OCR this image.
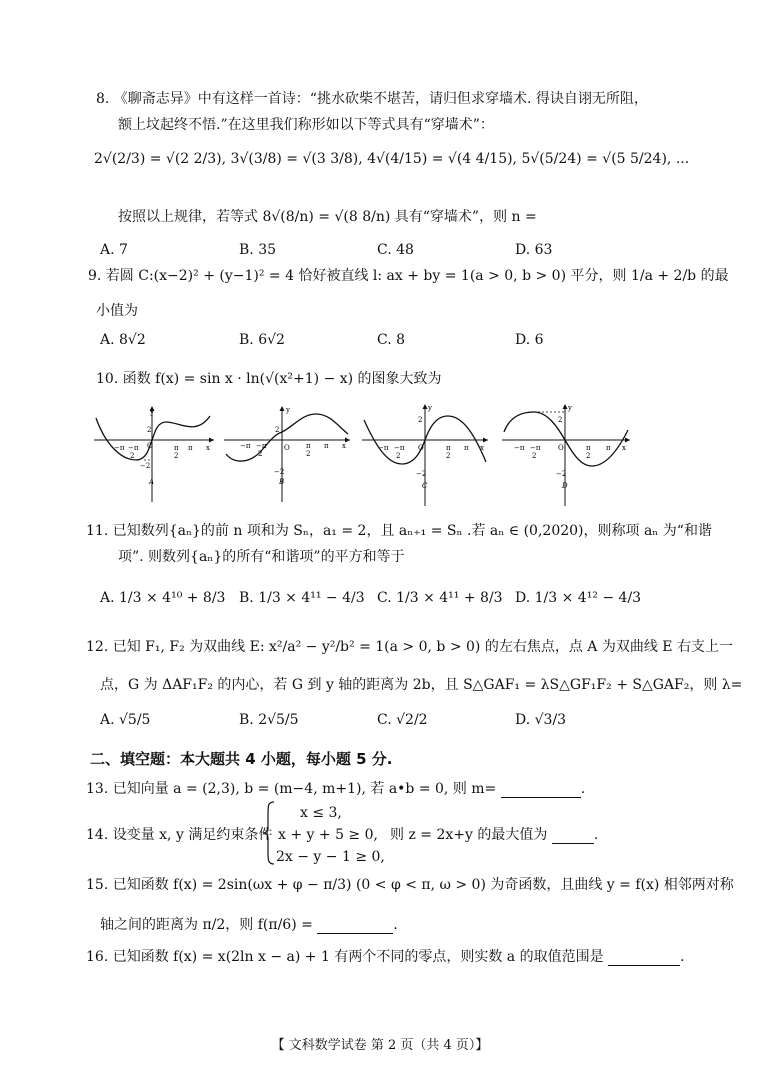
8. 《聊斋志异》中有这样一首诗：“挑水砍柴不堪苦，请归但求穿墙术. 得诀自诩无所阻，
额上坟起终不悟.”在这里我们称形如以下等式具有“穿墙术”：
2√(2/3) = √(2 2/3), 3√(3/8) = √(3 3/8), 4√(4/15) = √(4 4/15), 5√(5/24) = √(5 5/24), ...
按照以上规律，若等式 8√(8/n) = √(8 8/n) 具有“穿墙术”，则 n =
A. 7	B. 35	C. 48	D. 63
9. 若圆 C:(x−2)² + (y−1)² = 4 恰好被直线 l: ax + by = 1(a > 0, b > 0) 平分，则 1/a + 2/b 的最
小值为
A. 8√2	B. 6√2	C. 8	D. 6
10. 函数 f(x) = sin x · ln(√(x²+1) − x) 的图象大致为
y
2
−2
O
−π −π
2
π
2
π x
A
y
2
−2
O
−π −π
2
π
2
π x
B
y
2
−2
O
−π −π
2
π
2
π x
C
y
2
−2
O
−π −π
2
π
2
π x
D
11. 已知数列{aₙ}的前 n 项和为 Sₙ，a₁ = 2，且 aₙ₊₁ = Sₙ .若 aₙ ∈ (0,2020)，则称项 aₙ 为“和谐
项”. 则数列{aₙ}的所有“和谐项”的平方和等于
A. 1/3 × 4¹⁰ + 8/3 B. 1/3 × 4¹¹ − 4/3 C. 1/3 × 4¹¹ + 8/3 D. 1/3 × 4¹² − 4/3
12. 已知 F₁, F₂ 为双曲线 E: x²/a² − y²/b² = 1(a > 0, b > 0) 的左右焦点，点 A 为双曲线 E 右支上一
点，G 为 ΔAF₁F₂ 的内心，若 G 到 y 轴的距离为 2b，且 S△GAF₁ = λS△GF₁F₂ + S△GAF₂，则 λ=
A. √5/5	B. 2√5/5	C. √2/2	D. √3/3
二、填空题：本大题共 4 小题，每小题 5 分.
13. 已知向量 a = (2,3), b = (m−4, m+1), 若 a•b = 0, 则 m=	.
14. 设变量 x, y 满足约束条件
x ≤ 3,
x + y + 5 ≥ 0,
2x − y − 1 ≥ 0,
则 z = 2x+y 的最大值为	.
15. 已知函数 f(x) = 2sin(ωx + φ − π/3) (0 < φ < π, ω > 0) 为奇函数，且曲线 y = f(x) 相邻两对称
轴之间的距离为 π/2，则 f(π/6) =	.
16. 已知函数 f(x) = x(2ln x − a) + 1 有两个不同的零点，则实数 a 的取值范围是	.
【 文科数学试卷 第 2 页（共 4 页）】
